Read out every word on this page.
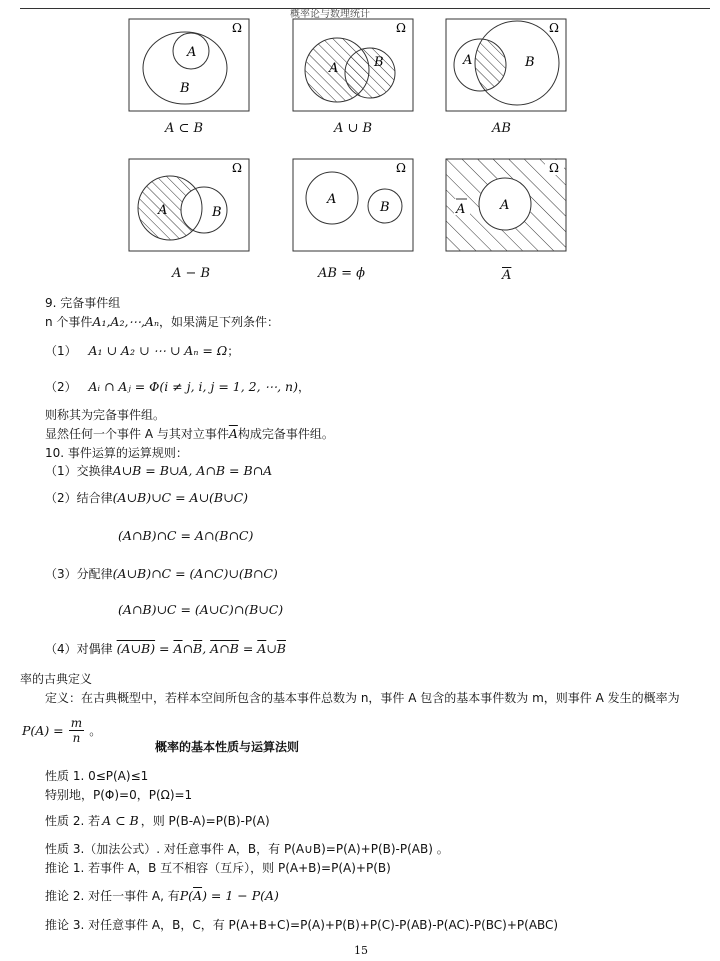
概率论与数理统计
A
B
Ω
A ⊂ B
A	B
Ω
A ∪ B
A	B
Ω
AB
A	B
Ω
A − B
A
B
Ω
AB = ϕ
A
A
Ω
$\overline{A}$
9. 完备事件组
n 个事件A₁,A₂,⋯,Aₙ，如果满足下列条件：
（1） A₁ ∪ A₂ ∪ ⋯ ∪ Aₙ = Ω；
（2） Aᵢ ∩ Aⱼ = Φ(i ≠ j, i, j = 1, 2, ⋯, n)，
则称其为完备事件组。
显然任何一个事件 A 与其对立事件$\overline{A}$构成完备事件组。
10. 事件运算的运算规则：
（1）交换律A∪B = B∪A, A∩B = B∩A
（2）结合律(A∪B)∪C = A∪(B∪C)
(A∩B)∩C = A∩(B∩C)
（3）分配律(A∪B)∩C = (A∩C)∪(B∩C)
(A∩B)∪C = (A∪C)∩(B∪C)
（4）对偶律 (A∪B) = $\overline{A}\cap\overline{B}$, A∩B = $\overline{A}\cup\overline{B}$
率的古典定义
定义：在古典概型中，若样本空间所包含的基本事件总数为 n，事件 A 包含的基本事件数为 m，则事件 A 发生的概率为
$P(A) = \frac{m}{n}$ 。
概率的基本性质与运算法则
性质 1. 0≤P(A)≤1
特别地，P(Φ)=0，P(Ω)=1
性质 2. 若 A ⊂ B ，则 P(B-A)=P(B)-P(A)
性质 3.（加法公式）. 对任意事件 A，B，有 P(A∪B)=P(A)+P(B)-P(AB) 。
推论 1. 若事件 A，B 互不相容（互斥），则 P(A+B)=P(A)+P(B)
推论 2. 对任一事件 A, 有$P(\overline{A}) = 1 - P(A)$
推论 3. 对任意事件 A，B，C，有 P(A+B+C)=P(A)+P(B)+P(C)-P(AB)-P(AC)-P(BC)+P(ABC)
15
